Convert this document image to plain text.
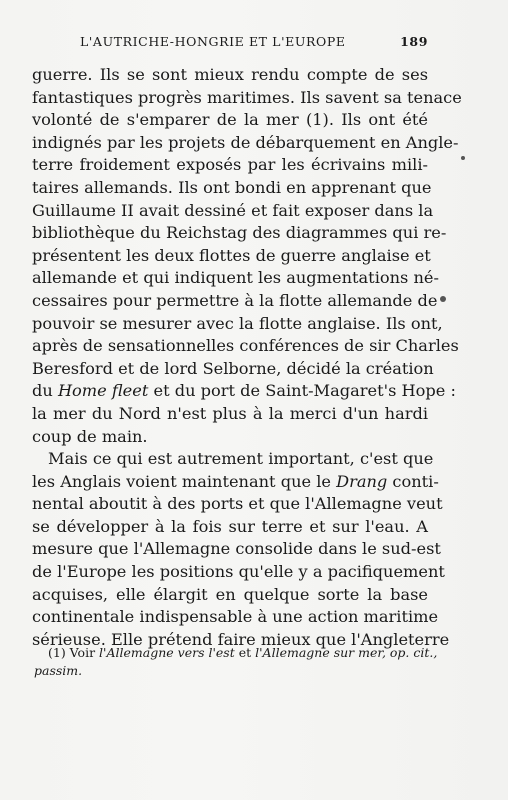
L'AUTRICHE-HONGRIE ET L'EUROPE	189
guerre. Ils se sont mieux rendu compte de ses
fantastiques progrès maritimes. Ils savent sa tenace
volonté de s'emparer de la mer (1). Ils ont été
indignés par les projets de débarquement en Angle-
terre froidement exposés par les écrivains mili-
taires allemands. Ils ont bondi en apprenant que
Guillaume II avait dessiné et fait exposer dans la
bibliothèque du Reichstag des diagrammes qui re-
présentent les deux flottes de guerre anglaise et
allemande et qui indiquent les augmentations né-
cessaires pour permettre à la flotte allemande de
pouvoir se mesurer avec la flotte anglaise. Ils ont,
après de sensationnelles conférences de sir Charles
Beresford et de lord Selborne, décidé la création
du Home fleet et du port de Saint-Magaret's Hope :
la mer du Nord n'est plus à la merci d'un hardi
coup de main.
Mais ce qui est autrement important, c'est que
les Anglais voient maintenant que le Drang conti-
nental aboutit à des ports et que l'Allemagne veut
se développer à la fois sur terre et sur l'eau. A
mesure que l'Allemagne consolide dans le sud-est
de l'Europe les positions qu'elle y a pacifiquement
acquises, elle élargit en quelque sorte la base
continentale indispensable à une action maritime
sérieuse. Elle prétend faire mieux que l'Angleterre
(1) Voir l'Allemagne vers l'est et l'Allemagne sur mer, op. cit.,
passim.
